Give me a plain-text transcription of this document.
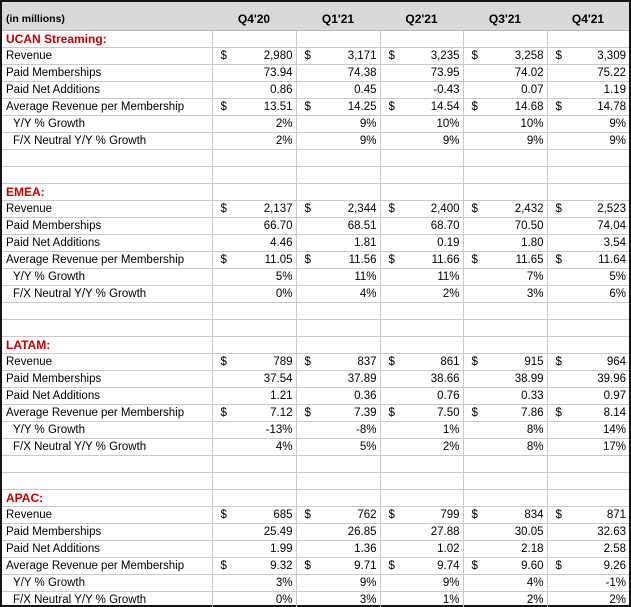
(in millions)	Q4'20	Q1'21	Q2'21	Q3'21	Q4'21
UCAN Streaming:					
Revenue	$ 2,980	$ 3,171	$ 3,235	$ 3,258	$ 3,309
Paid Memberships	73.94	74.38	73.95	74.02	75.22
Paid Net Additions	0.86	0.45	-0.43	0.07	1.19
Average Revenue per Membership	$ 13.51	$ 14.25	$ 14.54	$ 14.68	$ 14.78
Y/Y % Growth	2%	9%	10%	10%	9%
F/X Neutral Y/Y % Growth	2%	9%	9%	9%	9%

EMEA:					
Revenue	$ 2,137	$ 2,344	$ 2,400	$ 2,432	$ 2,523
Paid Memberships	66.70	68.51	68.70	70.50	74.04
Paid Net Additions	4.46	1.81	0.19	1.80	3.54
Average Revenue per Membership	$ 11.05	$ 11.56	$ 11.66	$ 11.65	$ 11.64
Y/Y % Growth	5%	11%	11%	7%	5%
F/X Neutral Y/Y % Growth	0%	4%	2%	3%	6%

LATAM:					
Revenue	$ 789	$ 837	$ 861	$ 915	$ 964
Paid Memberships	37.54	37.89	38.66	38.99	39.96
Paid Net Additions	1.21	0.36	0.76	0.33	0.97
Average Revenue per Membership	$ 7.12	$ 7.39	$ 7.50	$ 7.86	$ 8.14
Y/Y % Growth	-13%	-8%	1%	8%	14%
F/X Neutral Y/Y % Growth	4%	5%	2%	8%	17%

APAC:					
Revenue	$ 685	$ 762	$ 799	$ 834	$ 871
Paid Memberships	25.49	26.85	27.88	30.05	32.63
Paid Net Additions	1.99	1.36	1.02	2.18	2.58
Average Revenue per Membership	$ 9.32	$ 9.71	$ 9.74	$ 9.60	$ 9.26
Y/Y % Growth	3%	9%	9%	4%	-1%
F/X Neutral Y/Y % Growth	0%	3%	1%	2%	2%
